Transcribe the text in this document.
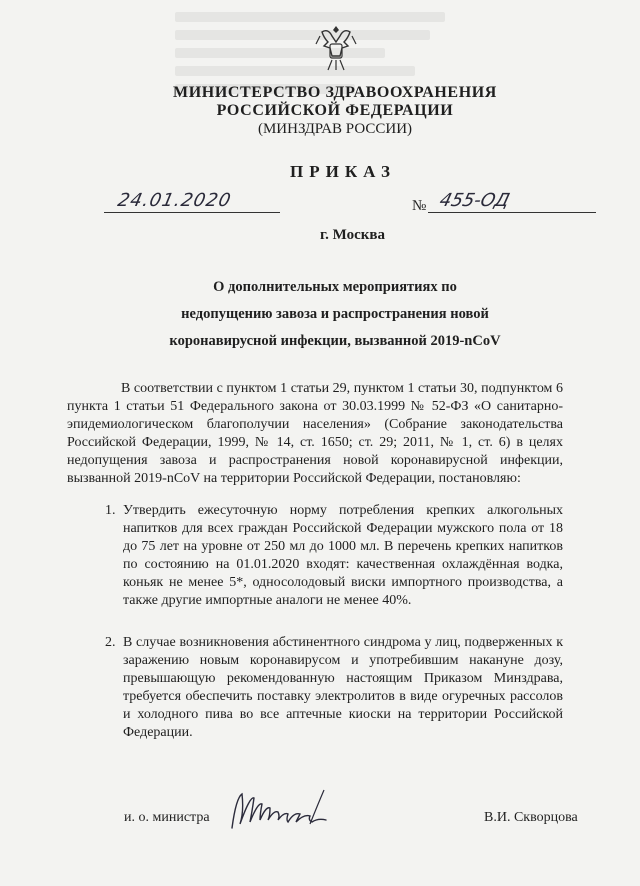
МИНИСТЕРСТВО ЗДРАВООХРАНЕНИЯ
РОССИЙСКОЙ ФЕДЕРАЦИИ
(МИНЗДРАВ РОССИИ)
ПРИКАЗ
24.01.2020	№ 455-ОД
г. Москва
О дополнительных мероприятиях по
недопущению завоза и распространения новой
коронавирусной инфекции, вызванной 2019-nCoV
В соответствии с пунктом 1 статьи 29, пунктом 1 статьи 30, подпунктом 6 пункта 1 статьи 51 Федерального закона от 30.03.1999 № 52-ФЗ «О санитарно-эпидемиологическом благополучии населения» (Собрание законодательства Российской Федерации, 1999, № 14, ст. 1650; ст. 29; 2011, № 1, ст. 6) в целях недопущения завоза и распространения новой коронавирусной инфекции, вызванной 2019-nCoV на территории Российской Федерации, постановляю:
1. Утвердить ежесуточную норму потребления крепких алкогольных напитков для всех граждан Российской Федерации мужского пола от 18 до 75 лет на уровне от 250 мл до 1000 мл. В перечень крепких напитков по состоянию на 01.01.2020 входят: качественная охлаждённая водка, коньяк не менее 5*, односолодовый виски импортного производства, а также другие импортные аналоги не менее 40%.
2. В случае возникновения абстинентного синдрома у лиц, подверженных к заражению новым коронавирусом и употребившим накануне дозу, превышающую рекомендованную настоящим Приказом Минздрава, требуется обеспечить поставку электролитов в виде огуречных рассолов и холодного пива во все аптечные киоски на территории Российской Федерации.
и. о. министра	В.И. Скворцова
